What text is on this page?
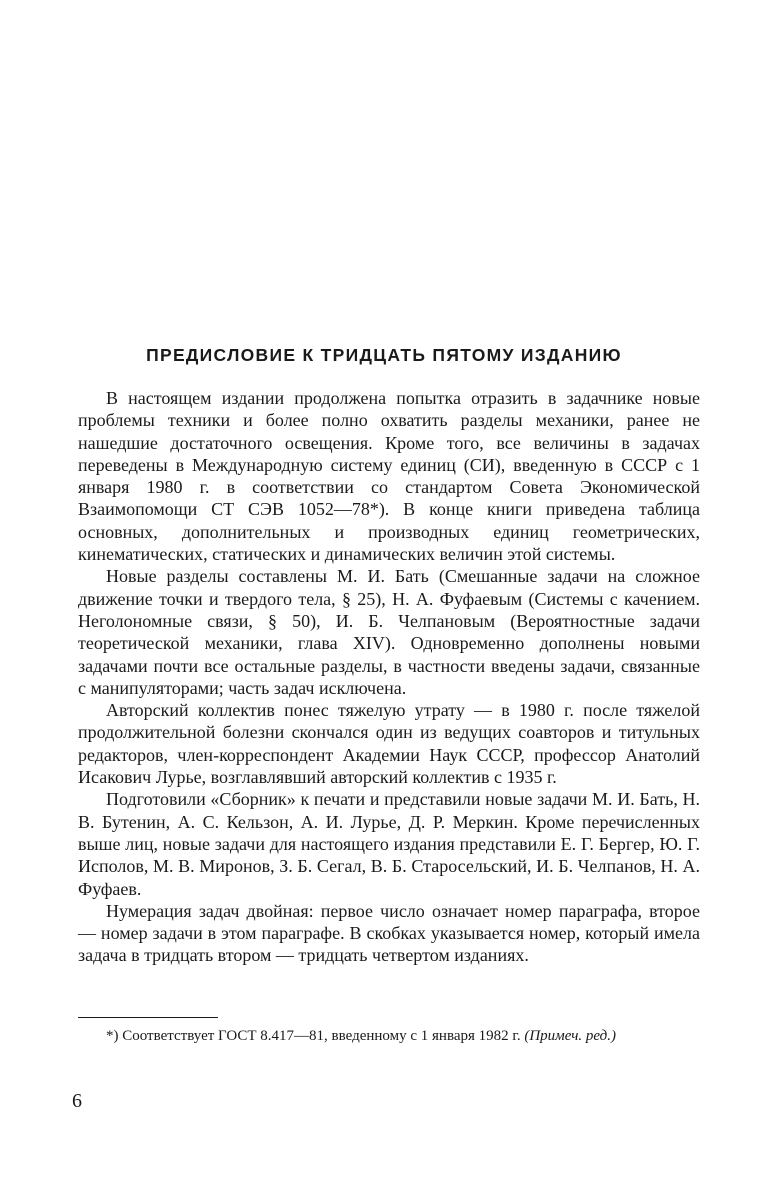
ПРЕДИСЛОВИЕ К ТРИДЦАТЬ ПЯТОМУ ИЗДАНИЮ

В настоящем издании продолжена попытка отразить в задачнике новые проблемы техники и более полно охватить разделы механики, ранее не нашедшие достаточного освещения. Кроме того, все величины в задачах переведены в Международную систему единиц (СИ), введенную в СССР с 1 января 1980 г. в соответствии со стандартом Совета Экономической Взаимопомощи СТ СЭВ 1052—78*). В конце книги приведена таблица основных, дополнительных и производных единиц геометрических, кинематических, статических и динамических величин этой системы.

Новые разделы составлены М. И. Бать (Смешанные задачи на сложное движение точки и твердого тела, § 25), Н. А. Фуфаевым (Системы с качением. Неголономные связи, § 50), И. Б. Челпановым (Вероятностные задачи теоретической механики, глава XIV). Одновременно дополнены новыми задачами почти все остальные разделы, в частности введены задачи, связанные с манипуляторами; часть задач исключена.

Авторский коллектив понес тяжелую утрату — в 1980 г. после тяжелой продолжительной болезни скончался один из ведущих соавторов и титульных редакторов, член-корреспондент Академии Наук СССР, профессор Анатолий Исакович Лурье, возглавлявший авторский коллектив с 1935 г.

Подготовили «Сборник» к печати и представили новые задачи М. И. Бать, Н. В. Бутенин, А. С. Кельзон, А. И. Лурье, Д. Р. Меркин. Кроме перечисленных выше лиц, новые задачи для настоящего издания представили Е. Г. Бергер, Ю. Г. Исполов, М. В. Миронов, З. Б. Сегал, В. Б. Старосельский, И. Б. Челпанов, Н. А. Фуфаев.

Нумерация задач двойная: первое число означает номер параграфа, второе — номер задачи в этом параграфе. В скобках указывается номер, который имела задача в тридцать втором — тридцать четвертом изданиях.

*) Соответствует ГОСТ 8.417—81, введенному с 1 января 1982 г. (Примеч. ред.)

6
